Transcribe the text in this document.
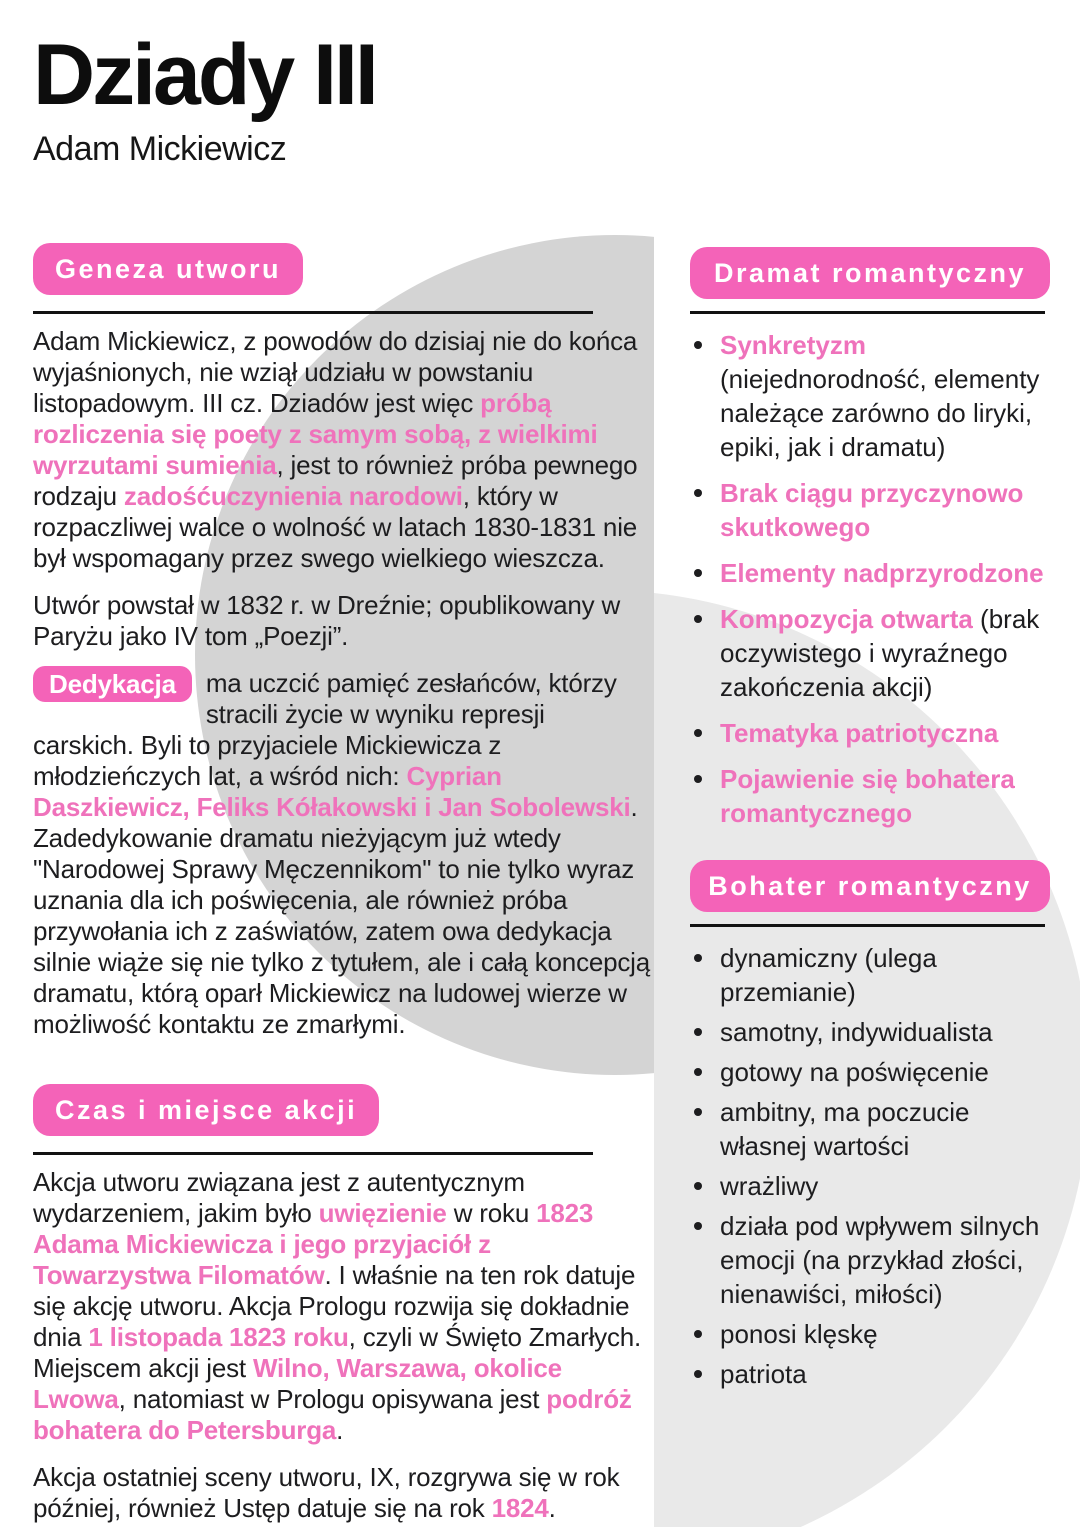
Dziady III
Adam Mickiewicz
Geneza utworu

Adam Mickiewicz, z powodów do dzisiaj nie do końca wyjaśnionych, nie wziął udziału w powstaniu listopadowym. III cz. Dziadów jest więc próbą rozliczenia się poety z samym sobą, z wielkimi wyrzutami sumienia, jest to również próba pewnego rodzaju zadośćuczynienia narodowi, który w rozpaczliwej walce o wolność w latach 1830-1831 nie był wspomagany przez swego wielkiego wieszcza.

Utwór powstał w 1832 r. w Dreźnie; opublikowany w Paryżu jako IV tom „Poezji”.

Dedykacja	ma uczcić pamięć zesłańców, którzy stracili życie w wyniku represji carskich. Byli to przyjaciele Mickiewicza z młodzieńczych lat, a wśród nich: Cyprian Daszkiewicz, Feliks Kółakowski i Jan Sobolewski. Zadedykowanie dramatu nieżyjącym już wtedy "Narodowej Sprawy Męczennikom" to nie tylko wyraz uznania dla ich poświęcenia, ale również próba przywołania ich z zaświatów, zatem owa dedykacja silnie wiąże się nie tylko z tytułem, ale i całą koncepcją dramatu, którą oparł Mickiewicz na ludowej wierze w możliwość kontaktu ze zmarłymi.

Czas i miejsce akcji

Akcja utworu związana jest z autentycznym wydarzeniem, jakim było uwięzienie w roku 1823 Adama Mickiewicza i jego przyjaciół z Towarzystwa Filomatów. I właśnie na ten rok datuje się akcję utworu. Akcja Prologu rozwija się dokładnie dnia 1 listopada 1823 roku, czyli w Święto Zmarłych. Miejscem akcji jest Wilno, Warszawa, okolice Lwowa, natomiast w Prologu opisywana jest podróż bohatera do Petersburga.

Akcja ostatniej sceny utworu, IX, rozgrywa się w rok później, również Ustęp datuje się na rok 1824.

Dramat romantyczny
Synkretyzm (niejednorodność, elementy należące zarówno do liryki, epiki, jak i dramatu)
Brak ciągu przyczynowo skutkowego
Elementy nadprzyrodzone
Kompozycja otwarta (brak oczywistego i wyraźnego zakończenia akcji)
Tematyka patriotyczna
Pojawienie się bohatera romantycznego
Bohater romantyczny
dynamiczny (ulega przemianie)
samotny, indywidualista
gotowy na poświęcenie
ambitny, ma poczucie własnej wartości
wrażliwy
działa pod wpływem silnych emocji (na przykład złości, nienawiści, miłości)
ponosi klęskę
patriota
